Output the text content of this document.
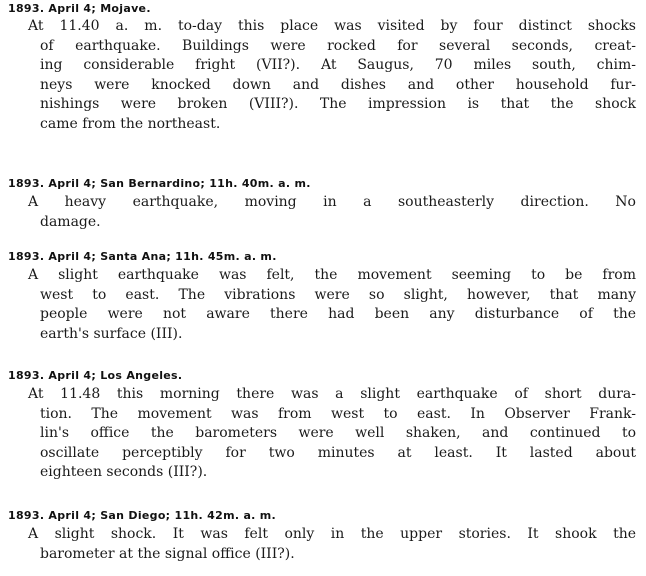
1893. April 4; Mojave.
At 11.40 a. m. to-day this place was visited by four distinct shocks
of earthquake. Buildings were rocked for several seconds, creat-
ing considerable fright (VII?). At Saugus, 70 miles south, chim-
neys were knocked down and dishes and other household fur-
nishings were broken (VIII?). The impression is that the shock
came from the northeast.
1893. April 4; San Bernardino; 11h. 40m. a. m.
A heavy earthquake, moving in a southeasterly direction. No
damage.
1893. April 4; Santa Ana; 11h. 45m. a. m.
A slight earthquake was felt, the movement seeming to be from
west to east. The vibrations were so slight, however, that many
people were not aware there had been any disturbance of the
earth's surface (III).
1893. April 4; Los Angeles.
At 11.48 this morning there was a slight earthquake of short dura-
tion. The movement was from west to east. In Observer Frank-
lin's office the barometers were well shaken, and continued to
oscillate perceptibly for two minutes at least. It lasted about
eighteen seconds (III?).
1893. April 4; San Diego; 11h. 42m. a. m.
A slight shock. It was felt only in the upper stories. It shook the
barometer at the signal office (III?).
